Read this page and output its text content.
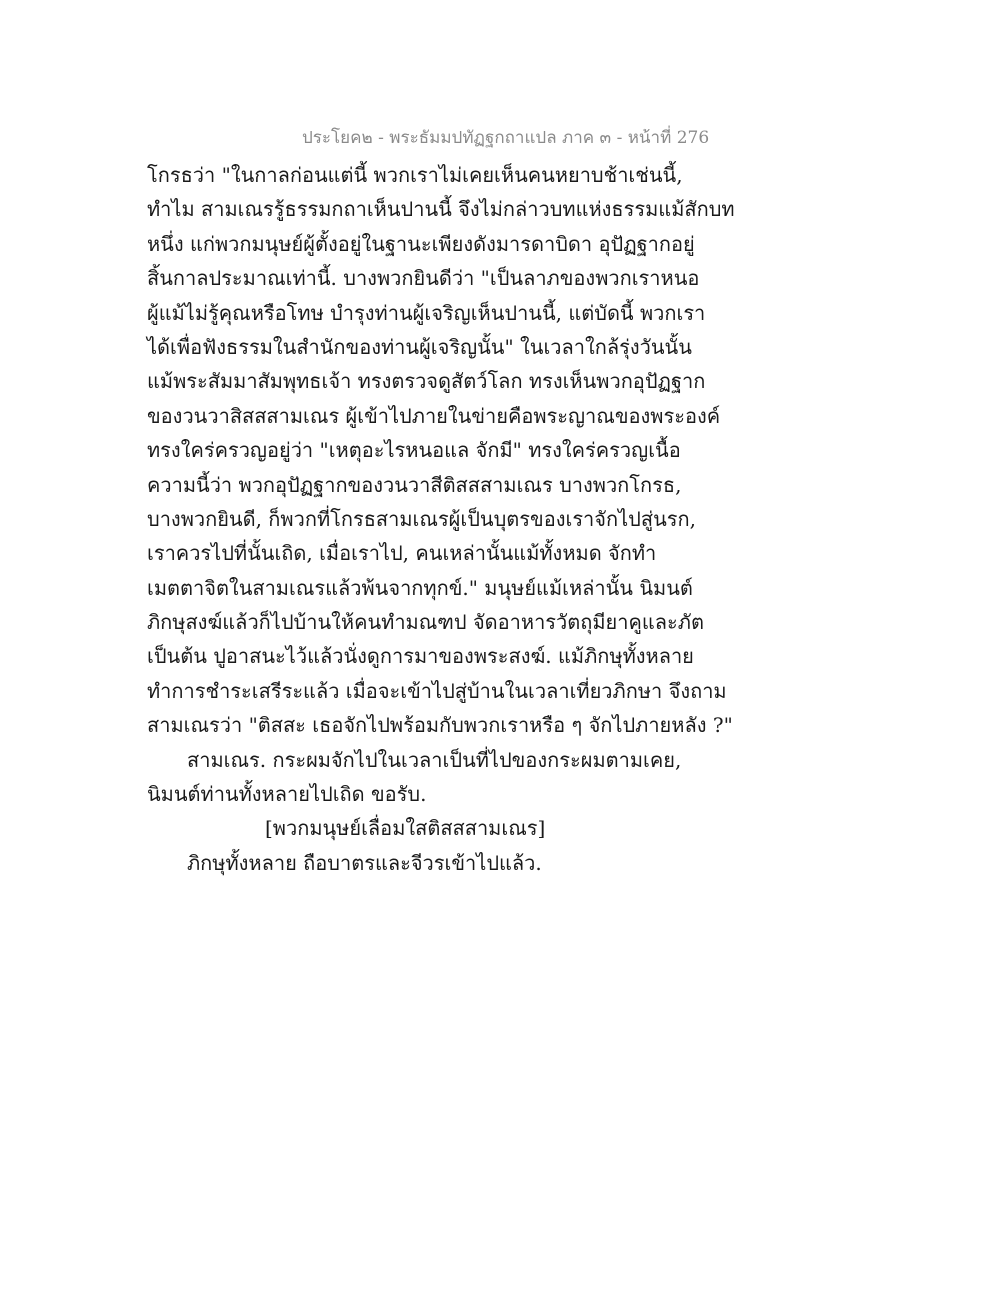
ประโยค๒ - พระธัมมปทัฏฐกถาแปล ภาค ๓ - หน้าที่ 276
โกรธว่า "ในกาลก่อนแต่นี้ พวกเราไม่เคยเห็นคนหยาบช้าเช่นนี้,
ทำไม สามเณรรู้ธรรมกถาเห็นปานนี้ จึงไม่กล่าวบทแห่งธรรมแม้สักบท
หนึ่ง แก่พวกมนุษย์ผู้ตั้งอยู่ในฐานะเพียงดังมารดาบิดา อุปัฏฐากอยู่
สิ้นกาลประมาณเท่านี้. บางพวกยินดีว่า "เป็นลาภของพวกเราหนอ
ผู้แม้ไม่รู้คุณหรือโทษ บำรุงท่านผู้เจริญเห็นปานนี้, แต่บัดนี้ พวกเรา
ได้เพื่อฟังธรรมในสำนักของท่านผู้เจริญนั้น" ในเวลาใกล้รุ่งวันนั้น
แม้พระสัมมาสัมพุทธเจ้า ทรงตรวจดูสัตว์โลก ทรงเห็นพวกอุปัฏฐาก
ของวนวาสิสสสามเณร ผู้เข้าไปภายในข่ายคือพระญาณของพระองค์
ทรงใคร่ครวญอยู่ว่า "เหตุอะไรหนอแล จักมี" ทรงใคร่ครวญเนื้อ
ความนี้ว่า พวกอุปัฏฐากของวนวาสีติสสสามเณร บางพวกโกรธ,
บางพวกยินดี, ก็พวกที่โกรธสามเณรผู้เป็นบุตรของเราจักไปสู่นรก,
เราควรไปที่นั้นเถิด, เมื่อเราไป, คนเหล่านั้นแม้ทั้งหมด จักทำ
เมตตาจิตในสามเณรแล้วพ้นจากทุกข์." มนุษย์แม้เหล่านั้น นิมนต์
ภิกษุสงฆ์แล้วก็ไปบ้านให้คนทำมณฑป จัดอาหารวัตถุมียาคูและภัต
เป็นต้น ปูอาสนะไว้แล้วนั่งดูการมาของพระสงฆ์. แม้ภิกษุทั้งหลาย
ทำการชำระเสรีระแล้ว เมื่อจะเข้าไปสู่บ้านในเวลาเที่ยวภิกษา จึงถาม
สามเณรว่า "ติสสะ เธอจักไปพร้อมกับพวกเราหรือ ๆ จักไปภายหลัง ?"
สามเณร. กระผมจักไปในเวลาเป็นที่ไปของกระผมตามเคย,
นิมนต์ท่านทั้งหลายไปเถิด ขอรับ.
[พวกมนุษย์เลื่อมใสติสสสามเณร]
ภิกษุทั้งหลาย ถือบาตรและจีวรเข้าไปแล้ว.
